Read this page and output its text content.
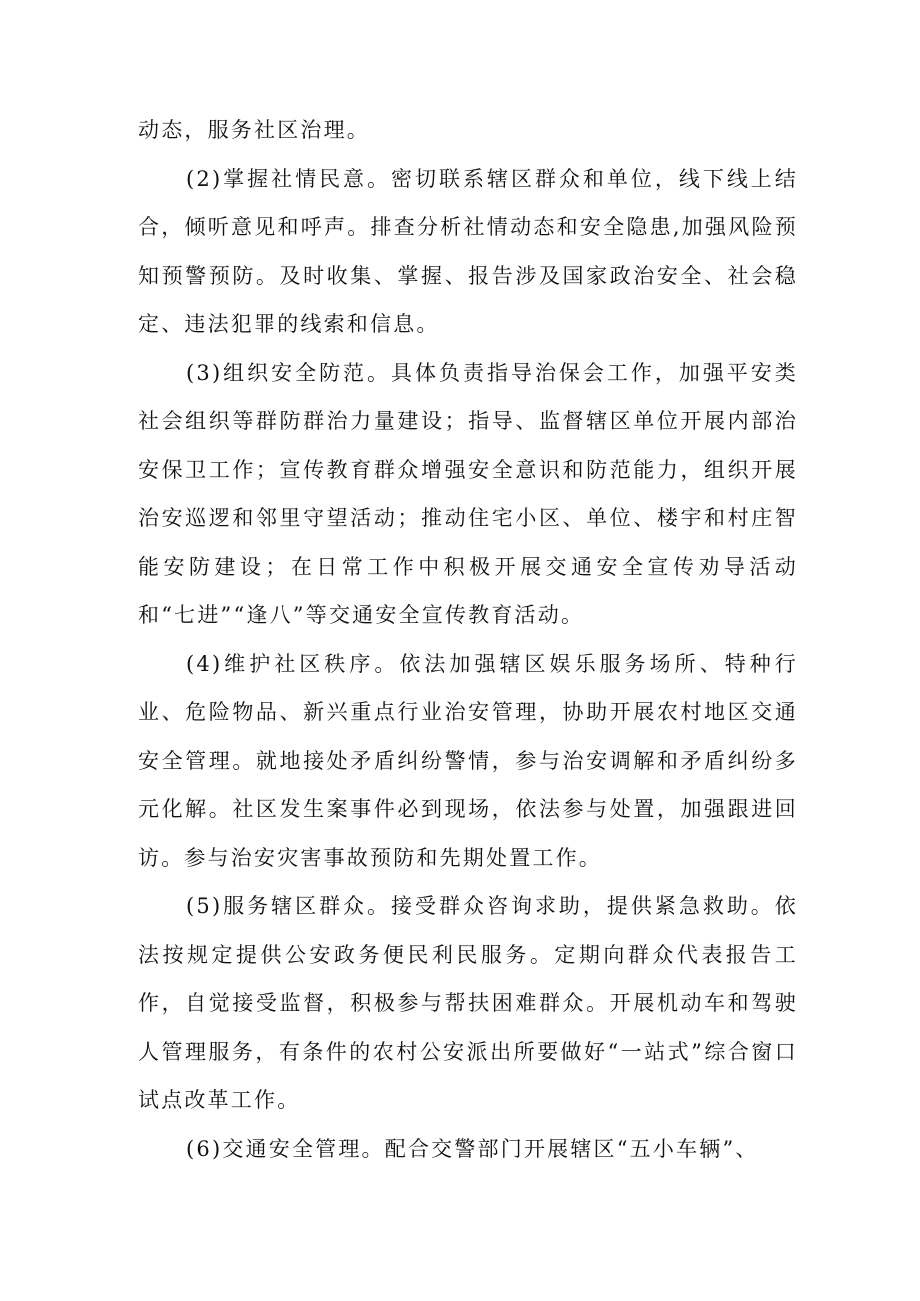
动态，服务社区治理。

(2)掌握社情民意。密切联系辖区群众和单位，线下线上结合，倾听意见和呼声。排查分析社情动态和安全隐患,加强风险预知预警预防。及时收集、掌握、报告涉及国家政治安全、社会稳定、违法犯罪的线索和信息。

(3)组织安全防范。具体负责指导治保会工作，加强平安类社会组织等群防群治力量建设；指导、监督辖区单位开展内部治安保卫工作；宣传教育群众增强安全意识和防范能力，组织开展治安巡逻和邻里守望活动；推动住宅小区、单位、楼宇和村庄智能安防建设；在日常工作中积极开展交通安全宣传劝导活动和“七进”“逢八”等交通安全宣传教育活动。

(4)维护社区秩序。依法加强辖区娱乐服务场所、特种行业、危险物品、新兴重点行业治安管理，协助开展农村地区交通安全管理。就地接处矛盾纠纷警情，参与治安调解和矛盾纠纷多元化解。社区发生案事件必到现场，依法参与处置，加强跟进回访。参与治安灾害事故预防和先期处置工作。

(5)服务辖区群众。接受群众咨询求助，提供紧急救助。依法按规定提供公安政务便民利民服务。定期向群众代表报告工作，自觉接受监督，积极参与帮扶困难群众。开展机动车和驾驶人管理服务，有条件的农村公安派出所要做好“一站式”综合窗口试点改革工作。

(6)交通安全管理。配合交警部门开展辖区“五小车辆”、
